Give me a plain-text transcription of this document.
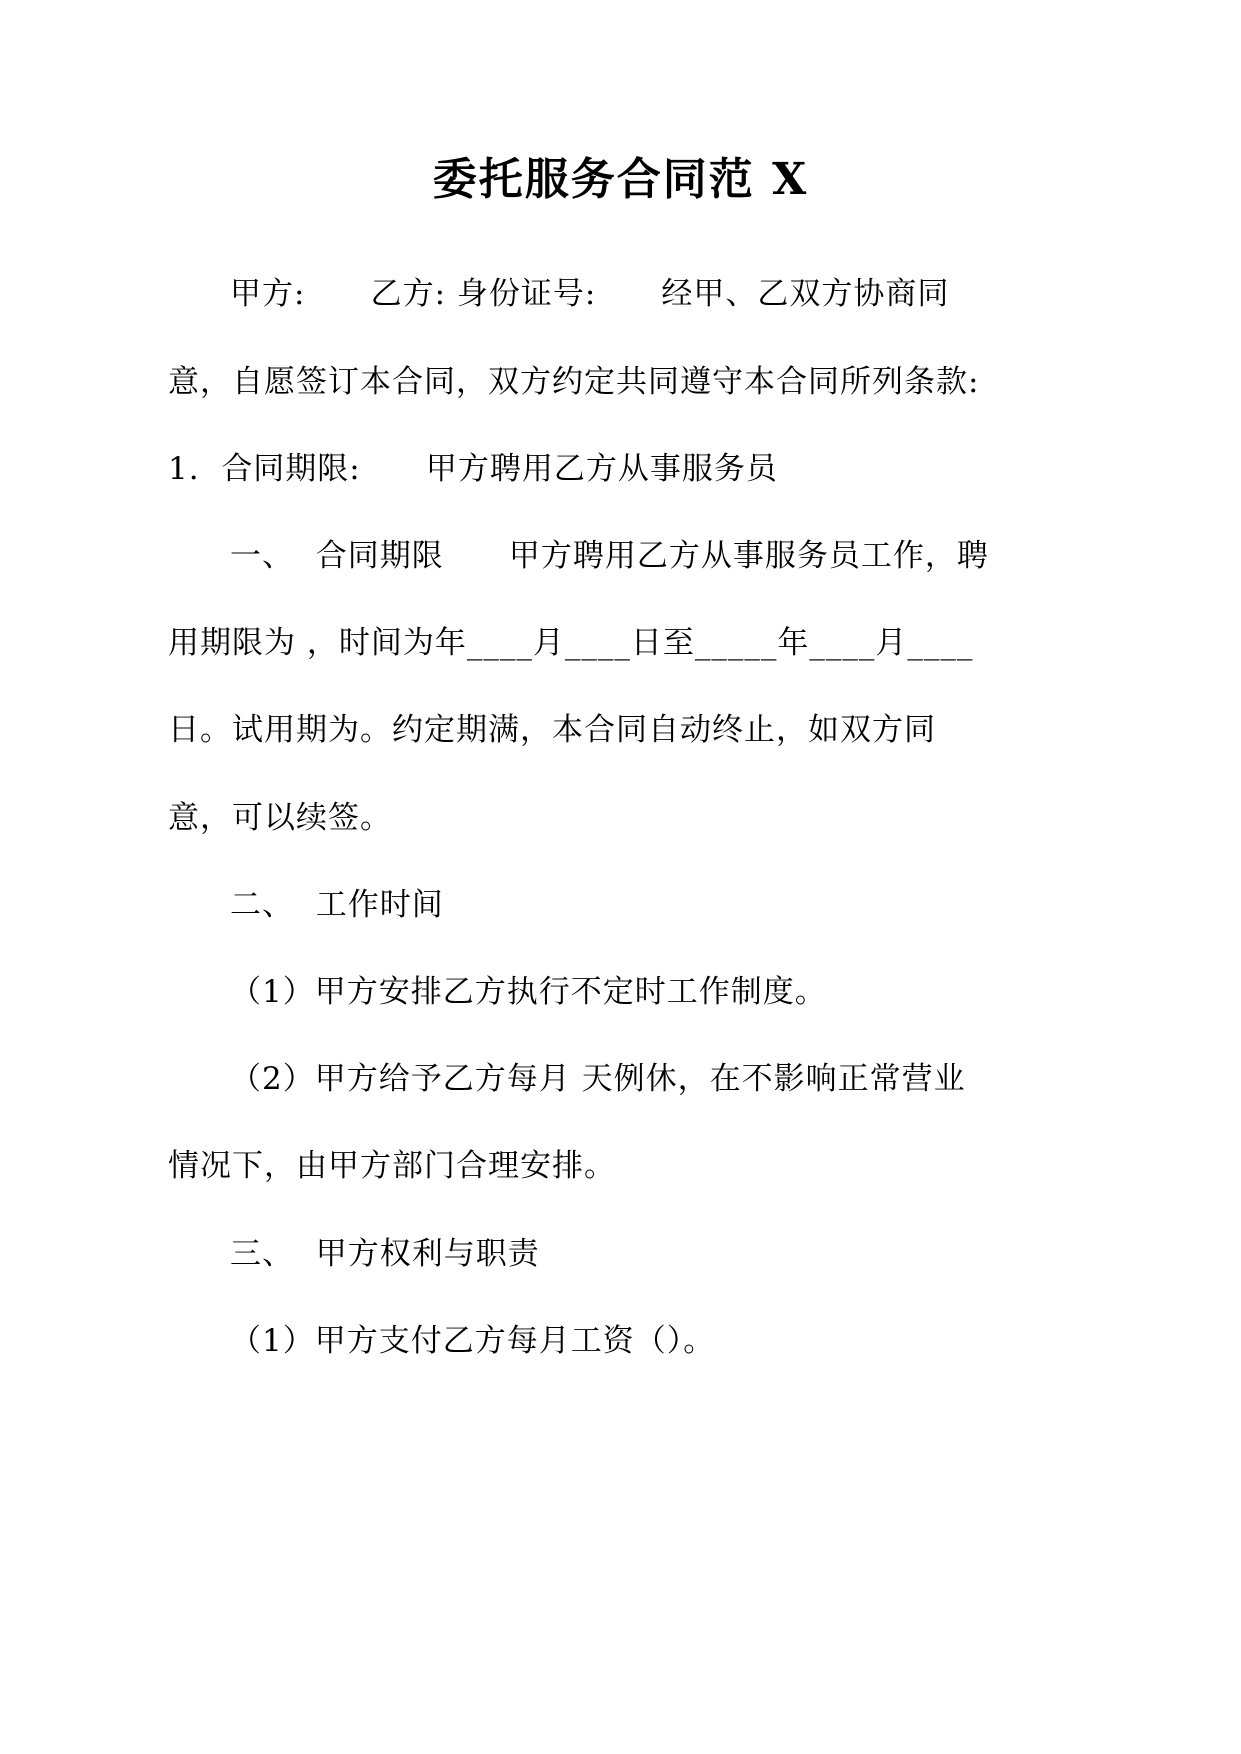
委托服务合同范 X
甲方:      乙方: 身份证号:      经甲、乙双方协商同
意，自愿签订本合同，双方约定共同遵守本合同所列条款:
1.  合同期限:      甲方聘用乙方从事服务员
一、  合同期限      甲方聘用乙方从事服务员工作，聘
用期限为 ，时间为年____月____日至_____年____月____
日。试用期为。约定期满，本合同自动终止，如双方同
意，可以续签。
二、  工作时间
（1）甲方安排乙方执行不定时工作制度。
（2）甲方给予乙方每月 天例休，在不影响正常营业
情况下，由甲方部门合理安排。
三、  甲方权利与职责
（1）甲方支付乙方每月工资（）。
